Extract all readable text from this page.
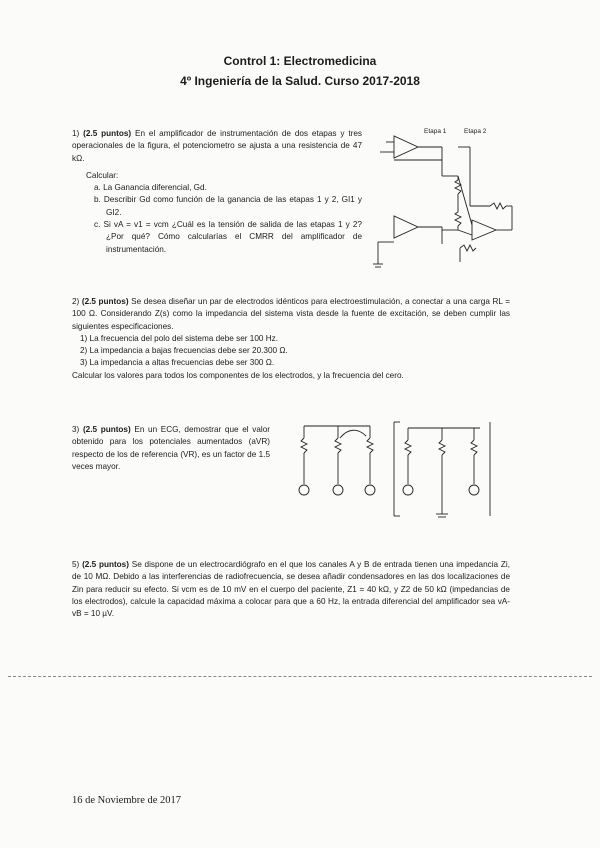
Control 1: Electromedicina
4º Ingeniería de la Salud. Curso 2017-2018
1) (2.5 puntos) En el amplificador de instrumentación de dos etapas y tres operacionales de la figura, el potenciometro se ajusta a una resistencia de 47 kΩ.
Calcular:
a. La Ganancia diferencial, Gd.
b. Describir Gd como función de la ganancia de las etapas 1 y 2, GI1 y GI2.
c. Si vA = v1 = vcm ¿Cuál es la tensión de salida de las etapas 1 y 2? ¿Por qué? Cómo calcularías el CMRR del amplificador de instrumentación.
Etapa 1	Etapa 2
2) (2.5 puntos) Se desea diseñar un par de electrodos idénticos para electroestimulación, a conectar a una carga RL = 100 Ω. Considerando Z(s) como la impedancia del sistema vista desde la fuente de excitación, se deben cumplir las siguientes especificaciones.
1) La frecuencia del polo del sistema debe ser 100 Hz.
2) La impedancia a bajas frecuencias debe ser 20.300 Ω.
3) La impedancia a altas frecuencias debe ser 300 Ω.
Calcular los valores para todos los componentes de los electrodos, y la frecuencia del cero.
3) (2.5 puntos) En un ECG, demostrar que el valor obtenido para los potenciales aumentados (aVR) respecto de los de referencia (VR), es un factor de 1.5 veces mayor.
5) (2.5 puntos) Se dispone de un electrocardiógrafo en el que los canales A y B de entrada tienen una impedancia Zi, de 10 MΩ. Debido a las interferencias de radiofrecuencia, se desea añadir condensadores en las dos localizaciones de Zin para reducir su efecto. Si vcm es de 10 mV en el cuerpo del paciente, Z1 = 40 kΩ, y Z2 de 50 kΩ (impedancias de los electrodos), calcule la capacidad máxima a colocar para que a 60 Hz, la entrada diferencial del amplificador sea vA-vB = 10 µV.
16 de Noviembre de 2017
